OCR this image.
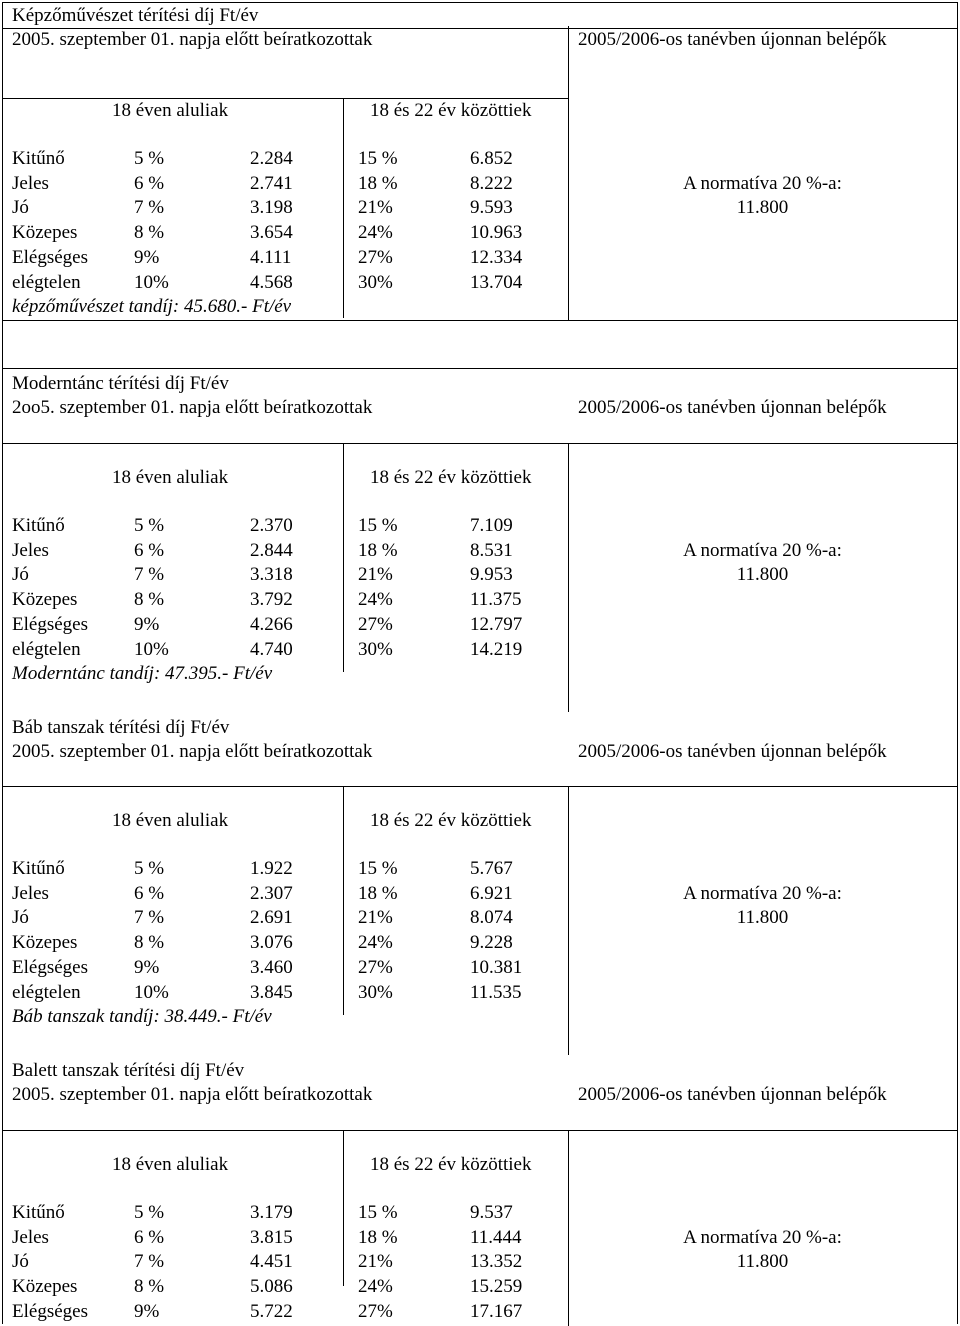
Képzőművészet térítési díj Ft/év
2005. szeptember 01. napja előtt beíratkozottak	2005/2006-os tanévben újonnan belépők
18 éven aluliak	18 és 22 év közöttiek
Kitűnő	5 %	2.284	15 %	6.852
Jeles	6 %	2.741	18 %	8.222
Jó	7 %	3.198	21%	9.593
Közepes	8 %	3.654	24%	10.963
Elégséges 9%	4.111	27%	12.334
elégtelen	10%	4.568	30%	13.704
képzőművészet tandíj: 45.680.- Ft/év
A normatíva 20 %-a:
11.800
Moderntánc térítési díj Ft/év
2oo5. szeptember 01. napja előtt beíratkozottak	2005/2006-os tanévben újonnan belépők
18 éven aluliak	18 és 22 év közöttiek
Kitűnő	5 %	2.370	15 %	7.109
Jeles	6 %	2.844	18 %	8.531
Jó	7 %	3.318	21%	9.953
Közepes	8 %	3.792	24%	11.375
Elégséges 9%	4.266	27%	12.797
elégtelen	10%	4.740	30%	14.219
Moderntánc tandíj: 47.395.- Ft/év
A normatíva 20 %-a:
11.800
Báb tanszak térítési díj Ft/év
2005. szeptember 01. napja előtt beíratkozottak	2005/2006-os tanévben újonnan belépők
18 éven aluliak	18 és 22 év közöttiek
Kitűnő	5 %	1.922	15 %	5.767
Jeles	6 %	2.307	18 %	6.921
Jó	7 %	2.691	21%	8.074
Közepes	8 %	3.076	24%	9.228
Elégséges 9%	3.460	27%	10.381
elégtelen	10%	3.845	30%	11.535
Báb tanszak tandíj: 38.449.- Ft/év
A normatíva 20 %-a:
11.800
Balett tanszak térítési díj Ft/év
2005. szeptember 01. napja előtt beíratkozottak	2005/2006-os tanévben újonnan belépők
18 éven aluliak	18 és 22 év közöttiek
Kitűnő	5 %	3.179	15 %	9.537
Jeles	6 %	3.815	18 %	11.444
Jó	7 %	4.451	21%	13.352
Közepes	8 %	5.086	24%	15.259
Elégséges 9%	5.722	27%	17.167
A normatíva 20 %-a:
11.800
